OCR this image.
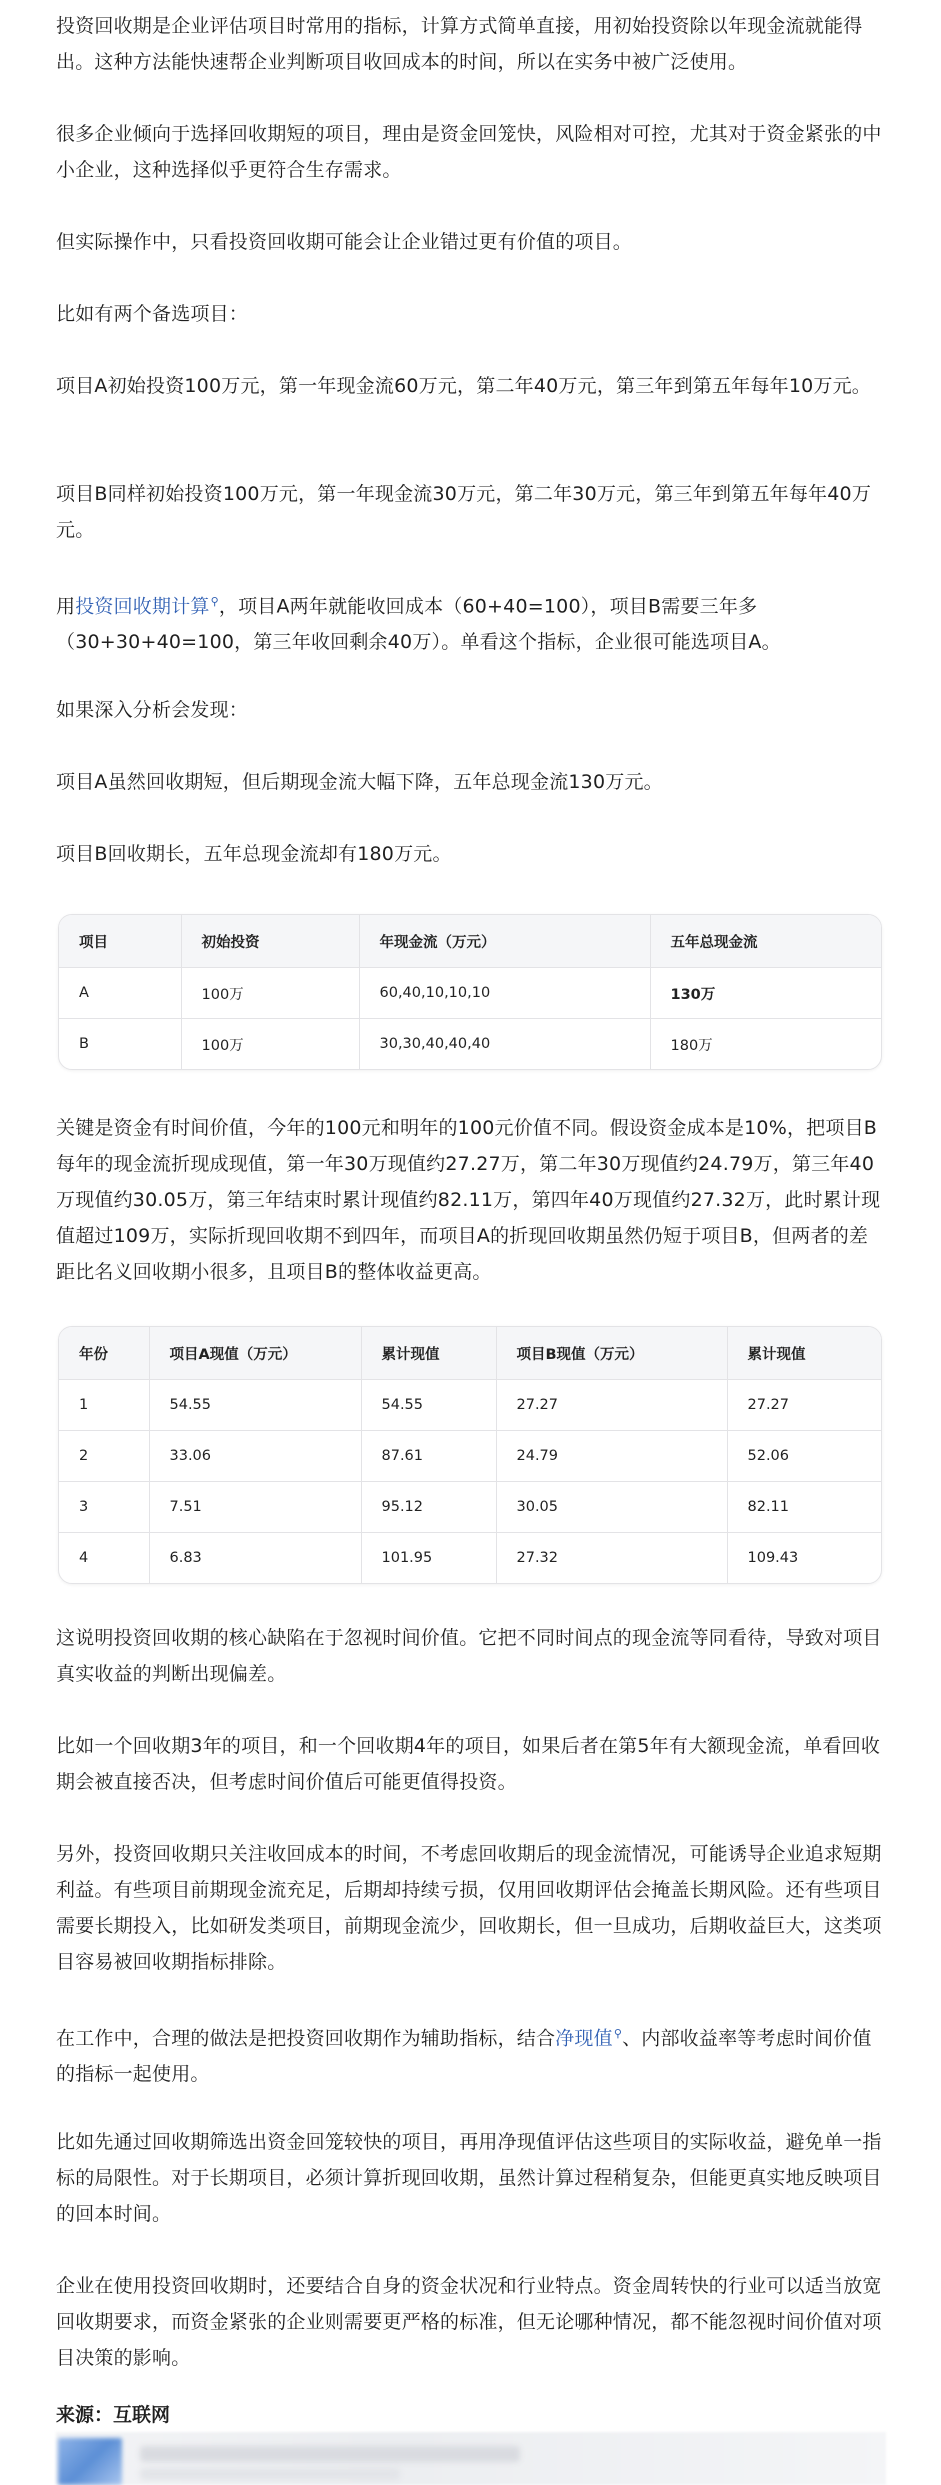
投资回收期是企业评估项目时常用的指标，计算方式简单直接，用初始投资除以年现金流就能得出。这种方法能快速帮企业判断项目收回成本的时间，所以在实务中被广泛使用。

很多企业倾向于选择回收期短的项目，理由是资金回笼快，风险相对可控，尤其对于资金紧张的中小企业，这种选择似乎更符合生存需求。

但实际操作中，只看投资回收期可能会让企业错过更有价值的项目。

比如有两个备选项目：

项目A初始投资100万元，第一年现金流60万元，第二年40万元，第三年到第五年每年10万元。

项目B同样初始投资100万元，第一年现金流30万元，第二年30万元，第三年到第五年每年40万元。

用投资回收期计算⚲，项目A两年就能收回成本（60+40=100），项目B需要三年多（30+30+40=100，第三年收回剩余40万）。单看这个指标，企业很可能选项目A。

如果深入分析会发现：

项目A虽然回收期短，但后期现金流大幅下降，五年总现金流130万元。

项目B回收期长，五年总现金流却有180万元。

项目	初始投资	年现金流（万元）	五年总现金流
A	100万	60,40,10,10,10	130万
B	100万	30,30,40,40,40	180万

关键是资金有时间价值，今年的100元和明年的100元价值不同。假设资金成本是10%，把项目B每年的现金流折现成现值，第一年30万现值约27.27万，第二年30万现值约24.79万，第三年40万现值约30.05万，第三年结束时累计现值约82.11万，第四年40万现值约27.32万，此时累计现值超过109万，实际折现回收期不到四年，而项目A的折现回收期虽然仍短于项目B，但两者的差距比名义回收期小很多，且项目B的整体收益更高。

年份	项目A现值（万元）	累计现值	项目B现值（万元）	累计现值
1	54.55	54.55	27.27	27.27
2	33.06	87.61	24.79	52.06
3	7.51	95.12	30.05	82.11
4	6.83	101.95	27.32	109.43

这说明投资回收期的核心缺陷在于忽视时间价值。它把不同时间点的现金流等同看待，导致对项目真实收益的判断出现偏差。

比如一个回收期3年的项目，和一个回收期4年的项目，如果后者在第5年有大额现金流，单看回收期会被直接否决，但考虑时间价值后可能更值得投资。

另外，投资回收期只关注收回成本的时间，不考虑回收期后的现金流情况，可能诱导企业追求短期利益。有些项目前期现金流充足，后期却持续亏损，仅用回收期评估会掩盖长期风险。还有些项目需要长期投入，比如研发类项目，前期现金流少，回收期长，但一旦成功，后期收益巨大，这类项目容易被回收期指标排除。

在工作中，合理的做法是把投资回收期作为辅助指标，结合净现值⚲、内部收益率等考虑时间价值的指标一起使用。

比如先通过回收期筛选出资金回笼较快的项目，再用净现值评估这些项目的实际收益，避免单一指标的局限性。对于长期项目，必须计算折现回收期，虽然计算过程稍复杂，但能更真实地反映项目的回本时间。

企业在使用投资回收期时，还要结合自身的资金状况和行业特点。资金周转快的行业可以适当放宽回收期要求，而资金紧张的企业则需要更严格的标准，但无论哪种情况，都不能忽视时间价值对项目决策的影响。

来源：互联网
